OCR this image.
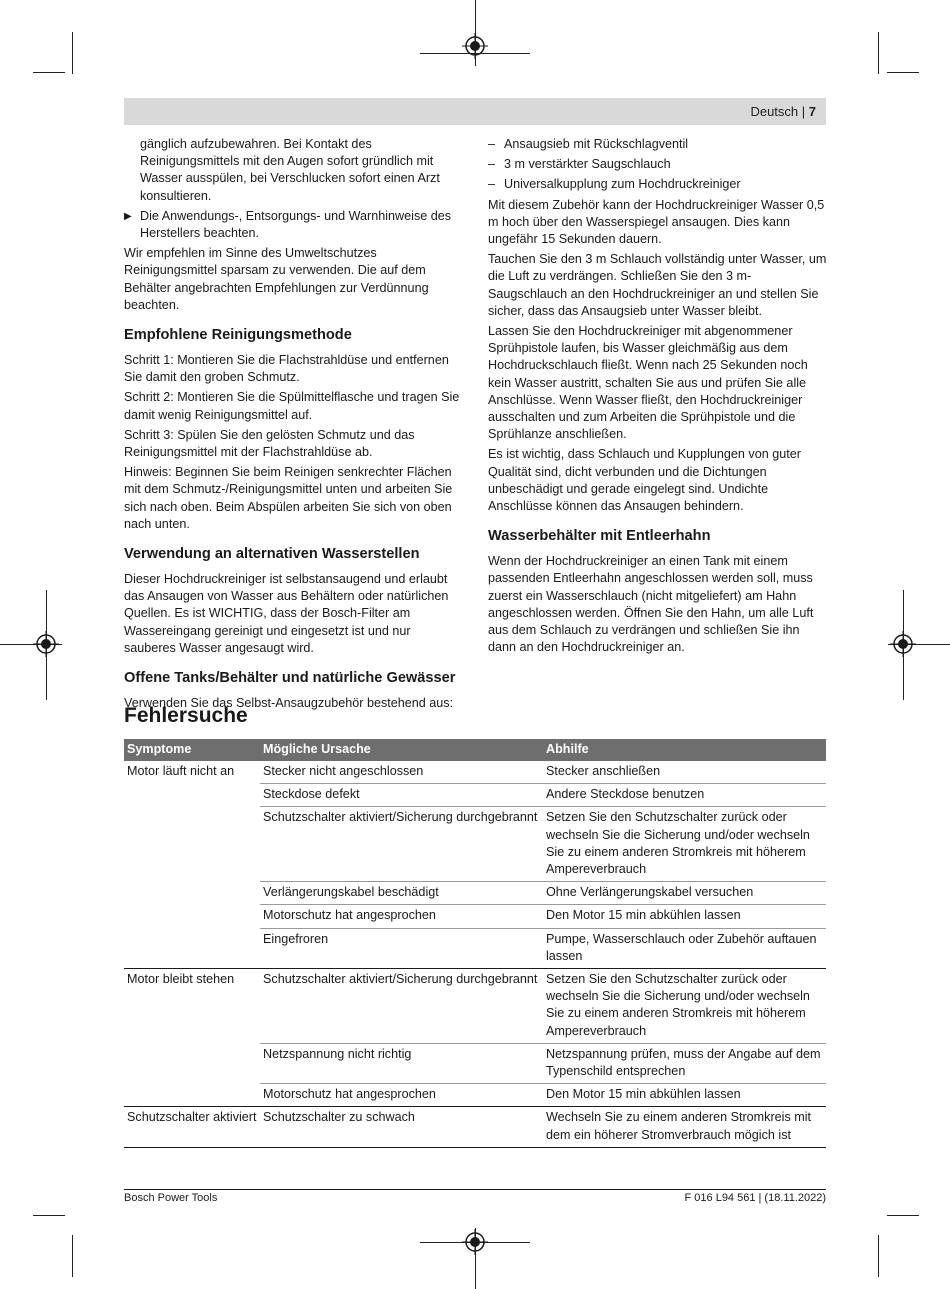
Deutsch | 7
gänglich aufzubewahren. Bei Kontakt des Reinigungsmittels mit den Augen sofort gründlich mit Wasser ausspülen, bei Verschlucken sofort einen Arzt konsultieren.
▶ Die Anwendungs-, Entsorgungs- und Warnhinweise des Herstellers beachten.

Wir empfehlen im Sinne des Umweltschutzes Reinigungsmittel sparsam zu verwenden. Die auf dem Behälter angebrachten Empfehlungen zur Verdünnung beachten.

Empfohlene Reinigungsmethode

Schritt 1: Montieren Sie die Flachstrahldüse und entfernen Sie damit den groben Schmutz.

Schritt 2: Montieren Sie die Spülmittelflasche und tragen Sie damit wenig Reinigungsmittel auf.

Schritt 3: Spülen Sie den gelösten Schmutz und das Reinigungsmittel mit der Flachstrahldüse ab.

Hinweis: Beginnen Sie beim Reinigen senkrechter Flächen mit dem Schmutz-/Reinigungsmittel unten und arbeiten Sie sich nach oben. Beim Abspülen arbeiten Sie sich von oben nach unten.

Verwendung an alternativen Wasserstellen

Dieser Hochdruckreiniger ist selbstansaugend und erlaubt das Ansaugen von Wasser aus Behältern oder natürlichen Quellen. Es ist WICHTIG, dass der Bosch-Filter am Wassereingang gereinigt und eingesetzt ist und nur sauberes Wasser angesaugt wird.

Offene Tanks/Behälter und natürliche Gewässer

Verwenden Sie das Selbst-Ansaugzubehör bestehend aus:

– Ansaugsieb mit Rückschlagventil
– 3 m verstärkter Saugschlauch
– Universalkupplung zum Hochdruckreiniger

Mit diesem Zubehör kann der Hochdruckreiniger Wasser 0,5 m hoch über den Wasserspiegel ansaugen. Dies kann ungefähr 15 Sekunden dauern.

Tauchen Sie den 3 m Schlauch vollständig unter Wasser, um die Luft zu verdrängen. Schließen Sie den 3 m-Saugschlauch an den Hochdruckreiniger an und stellen Sie sicher, dass das Ansaugsieb unter Wasser bleibt.

Lassen Sie den Hochdruckreiniger mit abgenommener Sprühpistole laufen, bis Wasser gleichmäßig aus dem Hochdruckschlauch fließt. Wenn nach 25 Sekunden noch kein Wasser austritt, schalten Sie aus und prüfen Sie alle Anschlüsse. Wenn Wasser fließt, den Hochdruckreiniger ausschalten und zum Arbeiten die Sprühpistole und die Sprühlanze anschließen.

Es ist wichtig, dass Schlauch und Kupplungen von guter Qualität sind, dicht verbunden und die Dichtungen unbeschädigt und gerade eingelegt sind. Undichte Anschlüsse können das Ansaugen behindern.

Wasserbehälter mit Entleerhahn

Wenn der Hochdruckreiniger an einen Tank mit einem passenden Entleerhahn angeschlossen werden soll, muss zuerst ein Wasserschlauch (nicht mitgeliefert) am Hahn angeschlossen werden. Öffnen Sie den Hahn, um alle Luft aus dem Schlauch zu verdrängen und schließen Sie ihn dann an den Hochdruckreiniger an.

Fehlersuche
Symptome	Mögliche Ursache	Abhilfe
Motor läuft nicht an	Stecker nicht angeschlossen	Stecker anschließen
	Steckdose defekt	Andere Steckdose benutzen
	Schutzschalter aktiviert/Sicherung durchgebrannt	Setzen Sie den Schutzschalter zurück oder wechseln Sie die Sicherung und/oder wechseln Sie zu einem anderen Stromkreis mit höherem Ampereverbrauch
	Verlängerungskabel beschädigt	Ohne Verlängerungskabel versuchen
	Motorschutz hat angesprochen	Den Motor 15 min abkühlen lassen
	Eingefroren	Pumpe, Wasserschlauch oder Zubehör auftauen lassen
Motor bleibt stehen	Schutzschalter aktiviert/Sicherung durchgebrannt	Setzen Sie den Schutzschalter zurück oder wechseln Sie die Sicherung und/oder wechseln Sie zu einem anderen Stromkreis mit höherem Ampereverbrauch
	Netzspannung nicht richtig	Netzspannung prüfen, muss der Angabe auf dem Typenschild entsprechen
	Motorschutz hat angesprochen	Den Motor 15 min abkühlen lassen
Schutzschalter aktiviert	Schutzschalter zu schwach	Wechseln Sie zu einem anderen Stromkreis mit dem ein höherer Stromverbrauch mögich ist
Bosch Power Tools	F 016 L94 561 | (18.11.2022)
